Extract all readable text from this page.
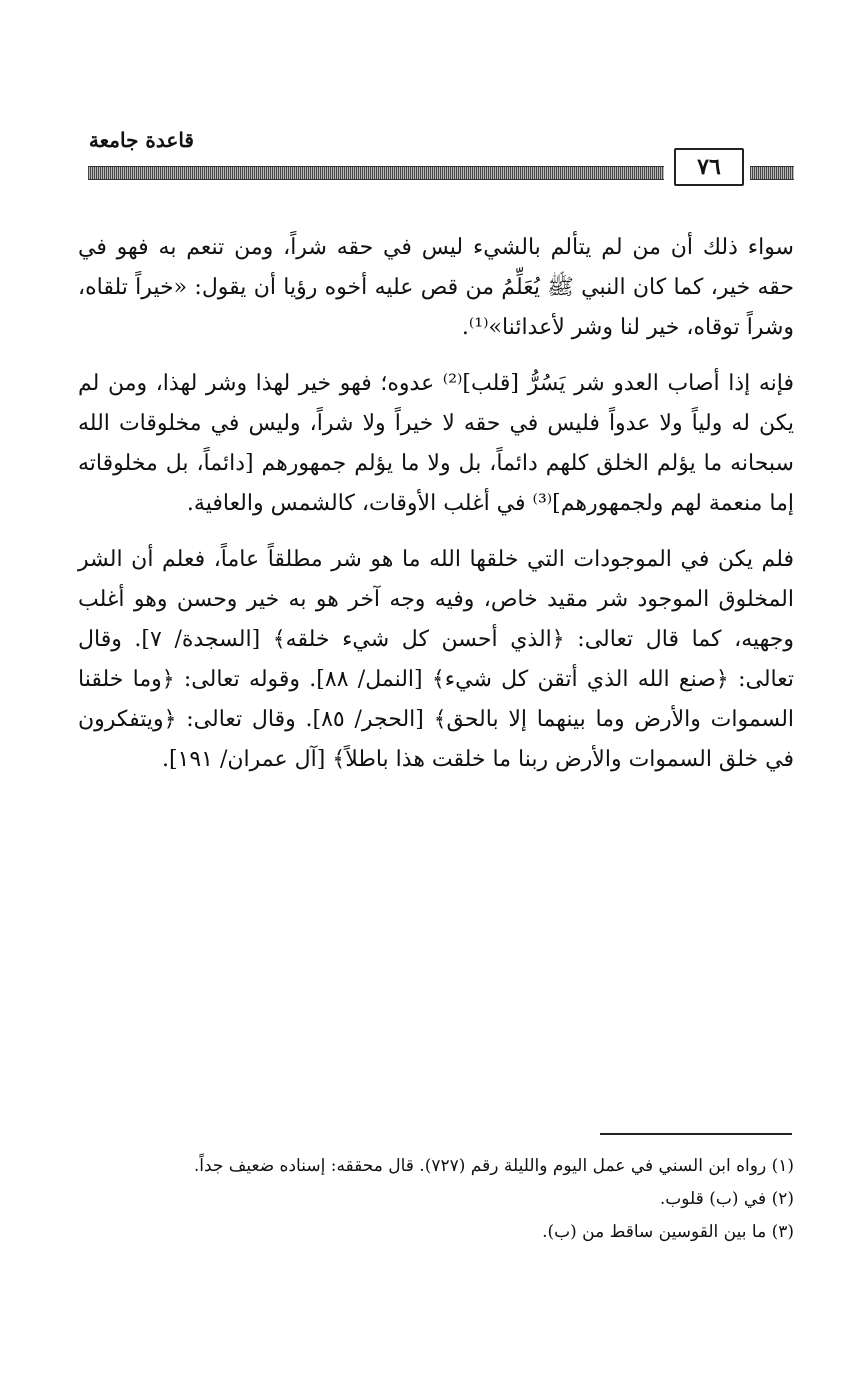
قاعدة جامعة
٧٦

سواء ذلك أن من لم يتألم بالشيء ليس في حقه شراً، ومن تنعم به فهو في حقه خير، كما كان النبي ﷺ يُعَلِّمُ من قص عليه أخوه رؤيا أن يقول: «خيراً تلقاه، وشراً توقاه، خير لنا وشر لأعدائنا»⁽¹⁾.

فإنه إذا أصاب العدو شر يَسُرُّ [قلب]⁽²⁾ عدوه؛ فهو خير لهذا وشر لهذا، ومن لم يكن له ولياً ولا عدواً فليس في حقه لا خيراً ولا شراً، وليس في مخلوقات الله سبحانه ما يؤلم الخلق كلهم دائماً، بل ولا ما يؤلم جمهورهم [دائماً، بل مخلوقاته إما منعمة لهم ولجمهورهم]⁽³⁾ في أغلب الأوقات، كالشمس والعافية.

فلم يكن في الموجودات التي خلقها الله ما هو شر مطلقاً عاماً، فعلم أن الشر المخلوق الموجود شر مقيد خاص، وفيه وجه آخر هو به خير وحسن وهو أغلب وجهيه، كما قال تعالى: ﴿الذي أحسن كل شيء خلقه﴾ [السجدة/ ٧]. وقال تعالى: ﴿صنع الله الذي أتقن كل شيء﴾ [النمل/ ٨٨]. وقوله تعالى: ﴿وما خلقنا السموات والأرض وما بينهما إلا بالحق﴾ [الحجر/ ٨٥]. وقال تعالى: ﴿ويتفكرون في خلق السموات والأرض ربنا ما خلقت هذا باطلاً﴾ [آل عمران/ ١٩١].

(١) رواه ابن السني في عمل اليوم والليلة رقم (٧٢٧). قال محققه: إسناده ضعيف جداً.
(٢) في (ب) قلوب.
(٣) ما بين القوسين ساقط من (ب).
